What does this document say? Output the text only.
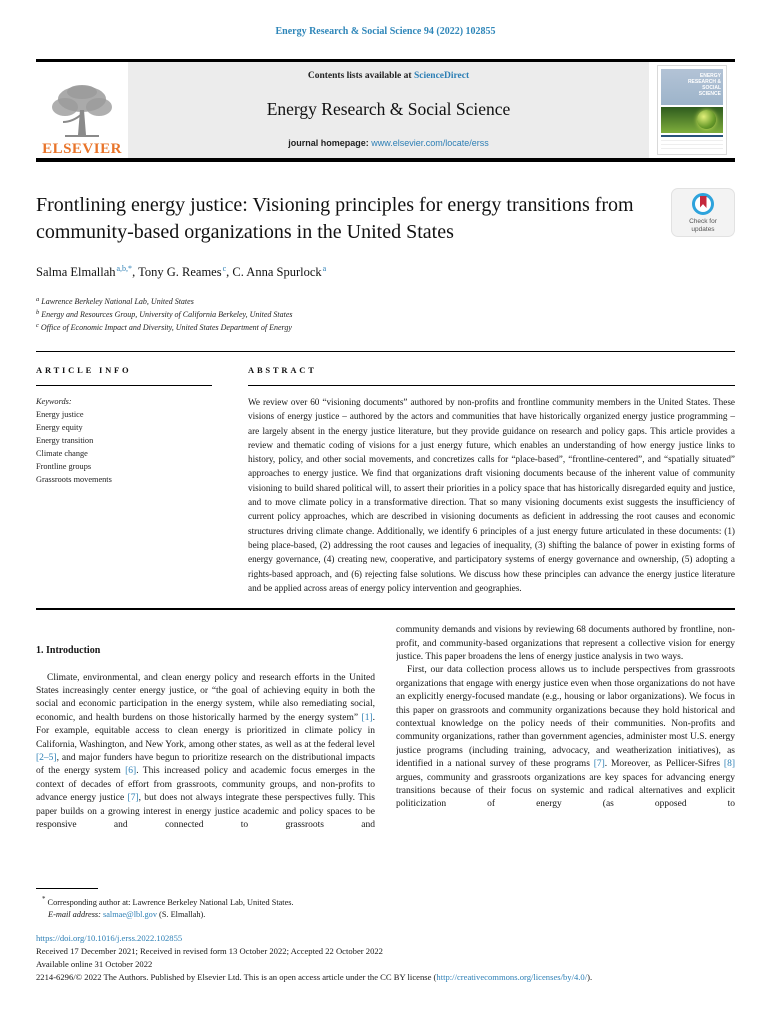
Energy Research & Social Science 94 (2022) 102855
ELSEVIER
Contents lists available at ScienceDirect
Energy Research & Social Science
journal homepage: www.elsevier.com/locate/erss
ENERGY RESEARCH & SOCIAL SCIENCE
Frontlining energy justice: Visioning principles for energy transitions from
community-based organizations in the United States	Check for updates
Salma Elmallah$^{a,b,*}$, Tony G. Reames$^c$, C. Anna Spurlock$^a$
$^a$ Lawrence Berkeley National Lab, United States
$^b$ Energy and Resources Group, University of California Berkeley, United States
$^c$ Office of Economic Impact and Diversity, United States Department of Energy
ARTICLE INFO
Keywords:
Energy justice
Energy equity
Energy transition
Climate change
Frontline groups
Grassroots movements
ABSTRACT
We review over 60 “visioning documents” authored by non-profits and frontline community members in the United States. These visions of energy justice – authored by the actors and communities that have historically organized energy justice programming – are largely absent in the energy justice literature, but they provide guidance on research and policy gaps. This article provides a review and thematic coding of visions for a just energy future, which enables an understanding of how energy justice links to history, policy, and other social movements, and concretizes calls for “place-based”, “frontline-centered”, and “spatially situated” approaches to energy justice. We find that organizations draft visioning documents because of the inherent value of community visioning to build shared political will, to assert their priorities in a policy space that has historically disregarded equity and justice, and to move climate policy in a transformative direction. That so many visioning documents exist suggests the insufficiency of current policy approaches, which are described in visioning documents as deficient in addressing the root causes and economic structures driving climate change. Additionally, we identify 6 principles of a just energy future articulated in these documents: (1) being place-based, (2) addressing the root causes and legacies of inequality, (3) shifting the balance of power in existing forms of energy governance, (4) creating new, cooperative, and participatory systems of energy governance and ownership, (5) adopting a rights-based approach, and (6) rejecting false solutions. We discuss how these principles can advance the energy justice literature and be applied across areas of energy policy intervention and geographies.
1. Introduction

Climate, environmental, and clean energy policy and research efforts in the United States increasingly center energy justice, or “the goal of achieving equity in both the social and economic participation in the energy system, while also remediating social, economic, and health burdens on those historically harmed by the energy system” [1]. For example, equitable access to clean energy is prioritized in climate policy in California, Washington, and New York, among other states, as well as at the federal level [2–5], and major funders have begun to prioritize research on the distributional impacts of the energy system [6]. This increased policy and academic focus emerges in the context of decades of effort from grassroots, community groups, and non-profits to advance energy justice [7], but does not always integrate these perspectives fully. This paper builds on a growing interest in energy justice academic and policy spaces to be responsive and connected to grassroots and

* Corresponding author at: Lawrence Berkeley National Lab, United States.
E-mail address: salmae@lbl.gov (S. Elmallah).

community demands and visions by reviewing 68 documents authored by frontline, non-profit, and community-based organizations that represent a collective vision for energy justice. This paper broadens the lens of energy justice analysis in two ways.

First, our data collection process allows us to include perspectives from grassroots organizations that engage with energy justice even when those organizations do not have an explicitly energy-focused mandate (e.g., housing or labor organizations). We focus in this paper on grassroots and community organizations because they hold historical and contextual knowledge on the policy needs of their communities. Non-profits and community organizations, rather than government agencies, administer most U.S. energy justice programs (including training, advocacy, and weatherization initiatives), as identified in a national survey of these programs [7]. Moreover, as Pellicer-Sifres [8] argues, community and grassroots organizations are key spaces for advancing energy transitions because of their focus on systemic and radical alternatives and explicit politicization of energy (as opposed to

https://doi.org/10.1016/j.erss.2022.102855
Received 17 December 2021; Received in revised form 13 October 2022; Accepted 22 October 2022
Available online 31 October 2022
2214-6296/© 2022 The Authors. Published by Elsevier Ltd. This is an open access article under the CC BY license (http://creativecommons.org/licenses/by/4.0/).
